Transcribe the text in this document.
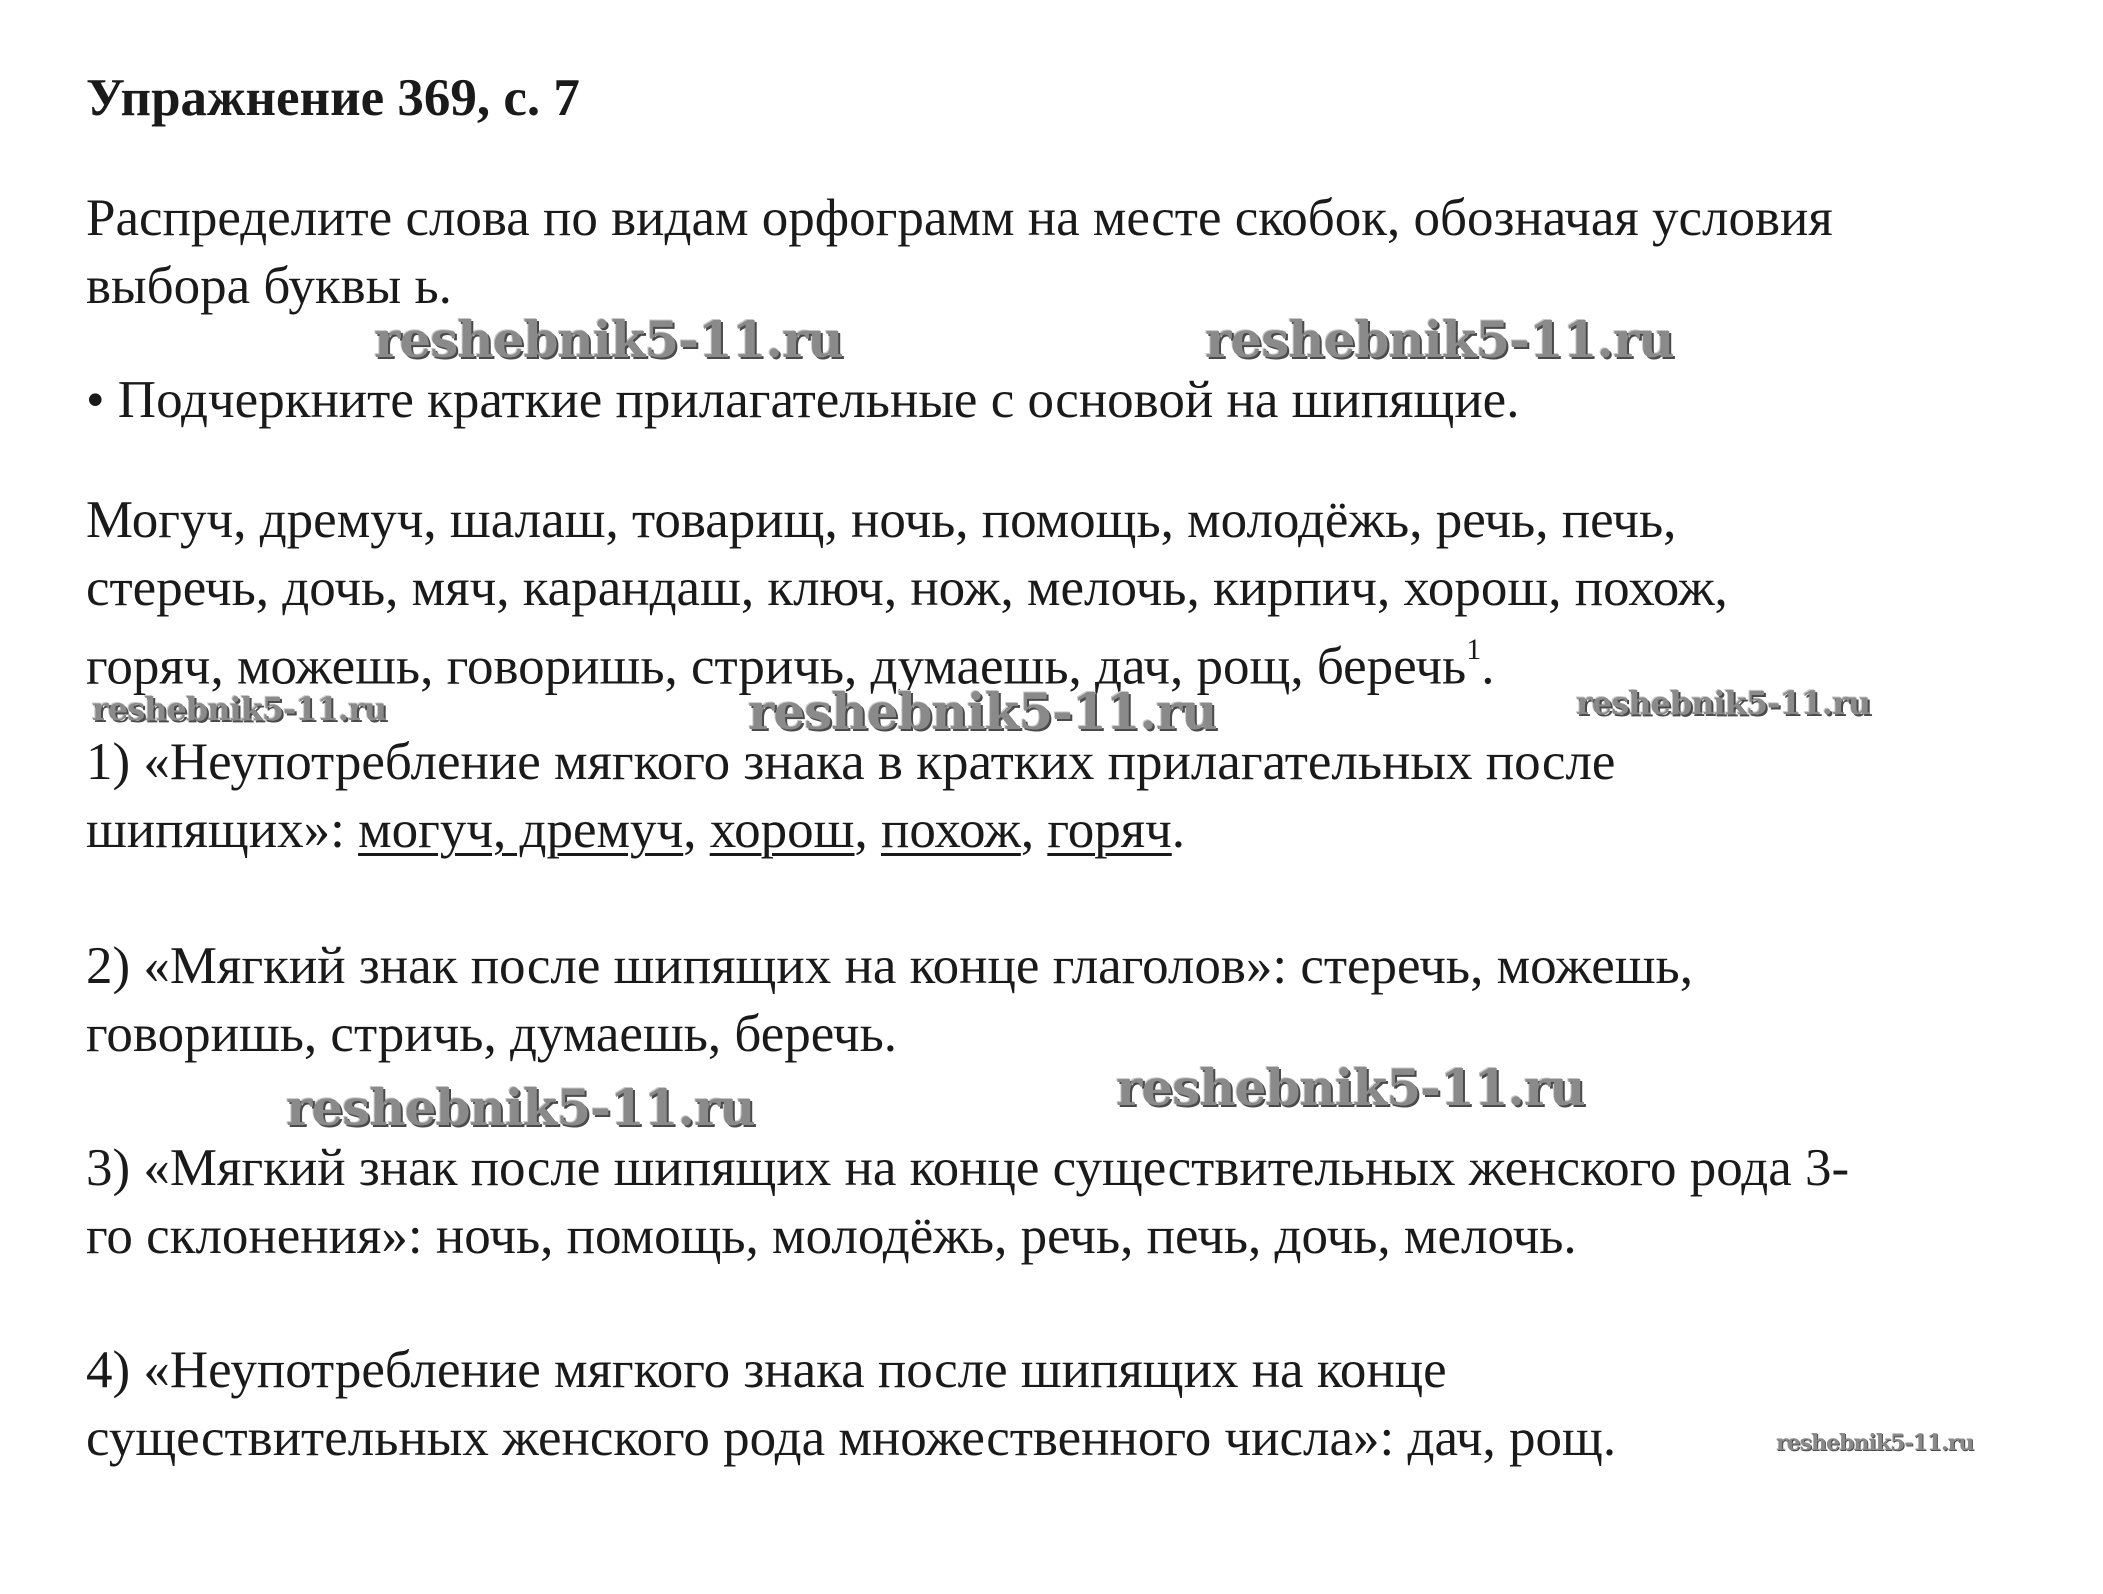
Упражнение 369, с. 7
Распределите слова по видам орфограмм на месте скобок, обозначая условия
выбора буквы ь.
• Подчеркните краткие прилагательные с основой на шипящие.
Могуч, дремуч, шалаш, товарищ, ночь, помощь, молодёжь, речь, печь,
стеречь, дочь, мяч, карандаш, ключ, нож, мелочь, кирпич, хорош, похож,
горяч, можешь, говоришь, стричь, думаешь, дач, рощ, беречь$^1$.
1) «Неупотребление мягкого знака в кратких прилагательных после
шипящих»: могуч, дремуч, хорош, похож, горяч.
2) «Мягкий знак после шипящих на конце глаголов»: стеречь, можешь,
говоришь, стричь, думаешь, беречь.
3) «Мягкий знак после шипящих на конце существительных женского рода 3-
го склонения»: ночь, помощь, молодёжь, речь, печь, дочь, мелочь.
4) «Неупотребление мягкого знака после шипящих на конце
существительных женского рода множественного числа»: дач, рощ.
reshebnik5-11.ru	reshebnik5-11.ru
reshebnik5-11.ru	reshebnik5-11.ru	reshebnik5-11.ru
reshebnik5-11.ru	reshebnik5-11.ru
reshebnik5-11.ru
